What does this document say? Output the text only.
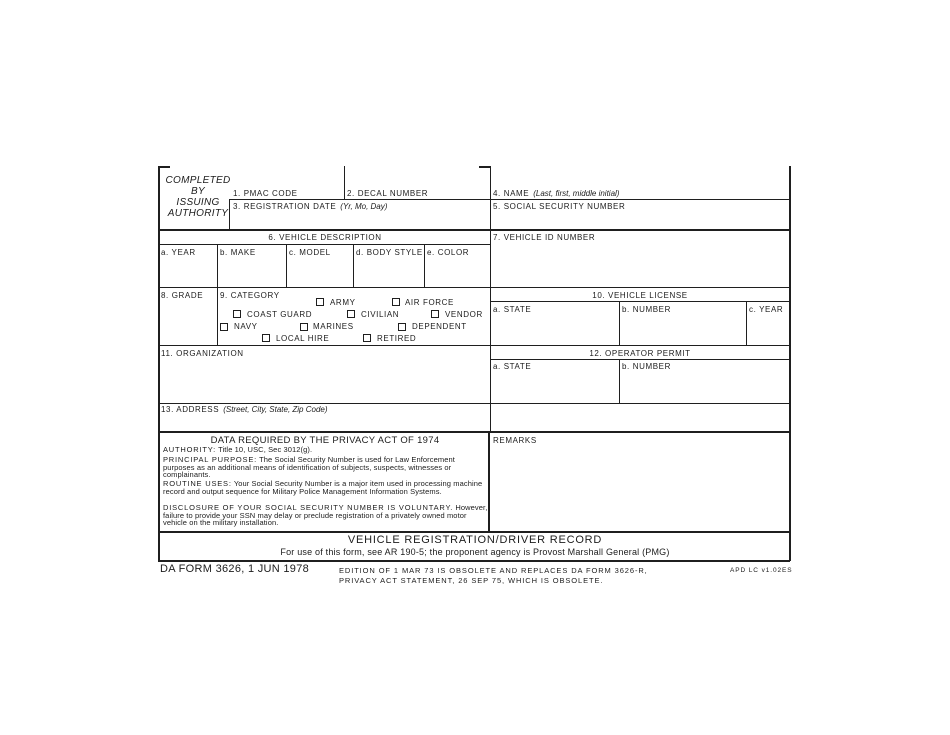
COMPLETED
BY
ISSUING
AUTHORITY
1. PMAC CODE	2. DECAL NUMBER	4. NAME (Last, first, middle initial)
3. REGISTRATION DATE (Yr, Mo, Day)	5. SOCIAL SECURITY NUMBER
6. VEHICLE DESCRIPTION	7. VEHICLE ID NUMBER
a. YEAR	b. MAKE	c. MODEL	d. BODY STYLE e. COLOR
8. GRADE 9. CATEGORY
ARMY	AIR FORCE
COAST GUARD	CIVILIAN	VENDOR
NAVY	MARINES	DEPENDENT
LOCAL HIRE	RETIRED
10. VEHICLE LICENSE
a. STATE	b. NUMBER	c. YEAR
11. ORGANIZATION	12. OPERATOR PERMIT
a. STATE	b. NUMBER
13. ADDRESS (Street, City, State, Zip Code)
DATA REQUIRED BY THE PRIVACY ACT OF 1974
AUTHORITY: Title 10, USC, Sec 3012(g).
PRINCIPAL PURPOSE: The Social Security Number is used for Law Enforcement purposes as an additional means of identification of subjects, suspects, witnesses or complainants.
ROUTINE USES: Your Social Security Number is a major item used in processing machine record and output sequence for Military Police Management Information Systems.
DISCLOSURE OF YOUR SOCIAL SECURITY NUMBER IS VOLUNTARY. However, failure to provide your SSN may delay or preclude registration of a privately owned motor vehicle on the military installation.
REMARKS
VEHICLE REGISTRATION/DRIVER RECORD
For use of this form, see AR 190-5; the proponent agency is Provost Marshall General (PMG)
DA FORM 3626, 1 JUN 1978	EDITION OF 1 MAR 73 IS OBSOLETE AND REPLACES DA FORM 3626-R,
PRIVACY ACT STATEMENT, 26 SEP 75, WHICH IS OBSOLETE.
APD LC v1.02ES
